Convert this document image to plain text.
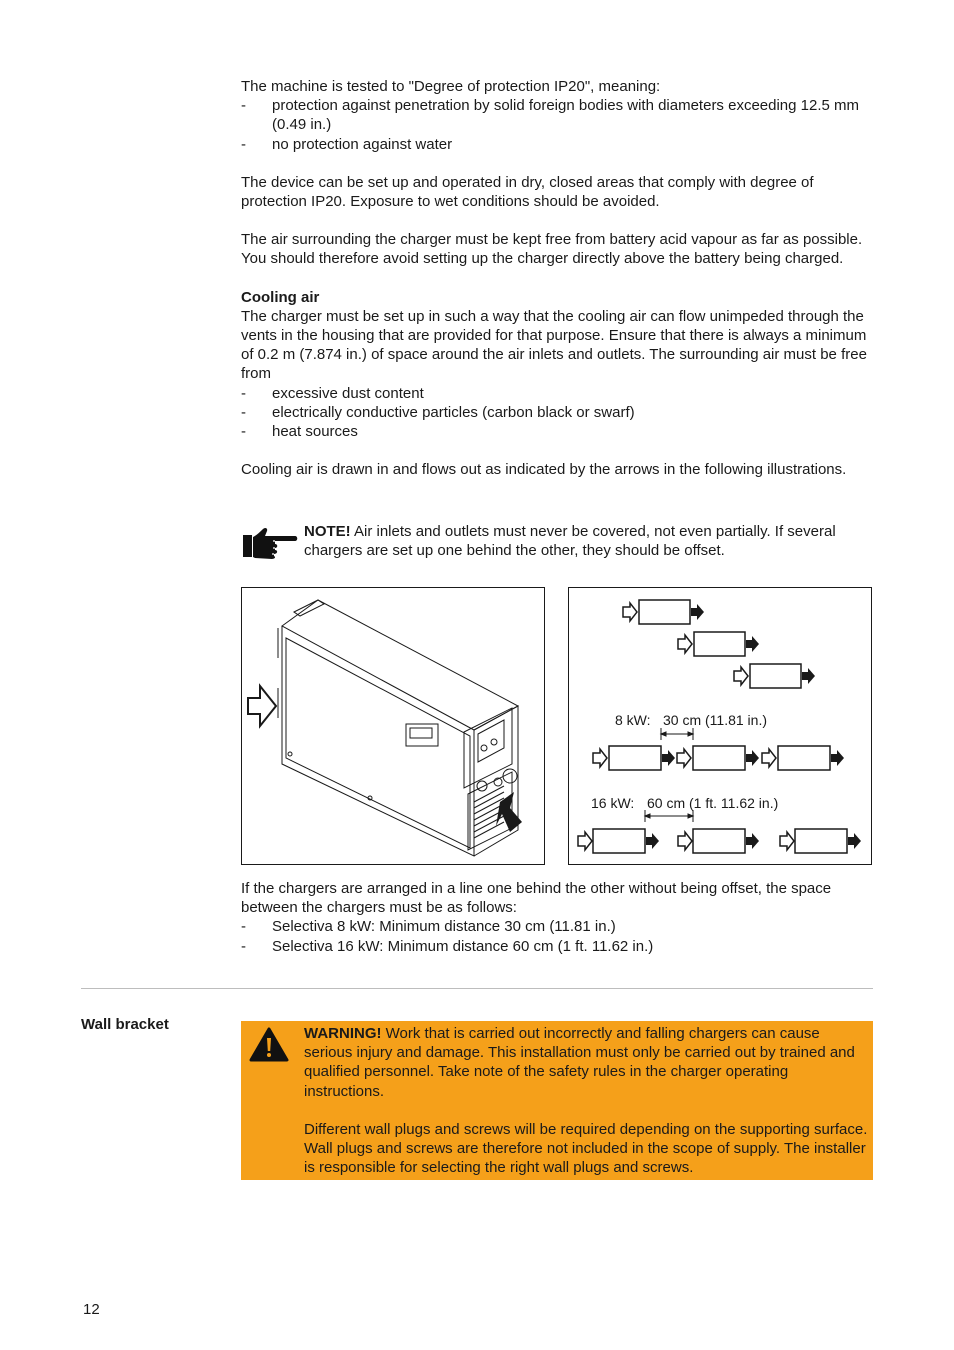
The machine is tested to "Degree of protection IP20", meaning:

- protection against penetration by solid foreign bodies with diameters exceeding 12.5 mm (0.49 in.)
- no protection against water

The device can be set up and operated in dry, closed areas that comply with degree of protection IP20. Exposure to wet conditions should be avoided.

The air surrounding the charger must be kept free from battery acid vapour as far as possible. You should therefore avoid setting up the charger directly above the battery being charged.

Cooling air

The charger must be set up in such a way that the cooling air can flow unimpeded through the vents in the housing that are provided for that purpose. Ensure that there is always a minimum of 0.2 m (7.874 in.) of space around the air inlets and outlets. The surrounding air must be free from

- excessive dust content
- electrically conductive particles (carbon black or swarf)
- heat sources

Cooling air is drawn in and flows out as indicated by the arrows in the following illustrations.

NOTE! Air inlets and outlets must never be covered, not even partially. If several chargers are set up one behind the other, they should be offset.
8 kW: 30 cm (11.81 in.)
16 kW: 60 cm (1 ft. 11.62 in.)

If the chargers are arranged in a line one behind the other without being offset, the space between the chargers must be as follows:

- Selectiva 8 kW: Minimum distance 30 cm (11.81 in.)
- Selectiva 16 kW: Minimum distance 60 cm (1 ft. 11.62 in.)
Wall bracket

WARNING! Work that is carried out incorrectly and falling chargers can cause serious injury and damage. This installation must only be carried out by trained and qualified personnel. Take note of the safety rules in the charger operating instructions.

Different wall plugs and screws will be required depending on the supporting surface. Wall plugs and screws are therefore not included in the scope of supply. The installer is responsible for selecting the right wall plugs and screws.

12
